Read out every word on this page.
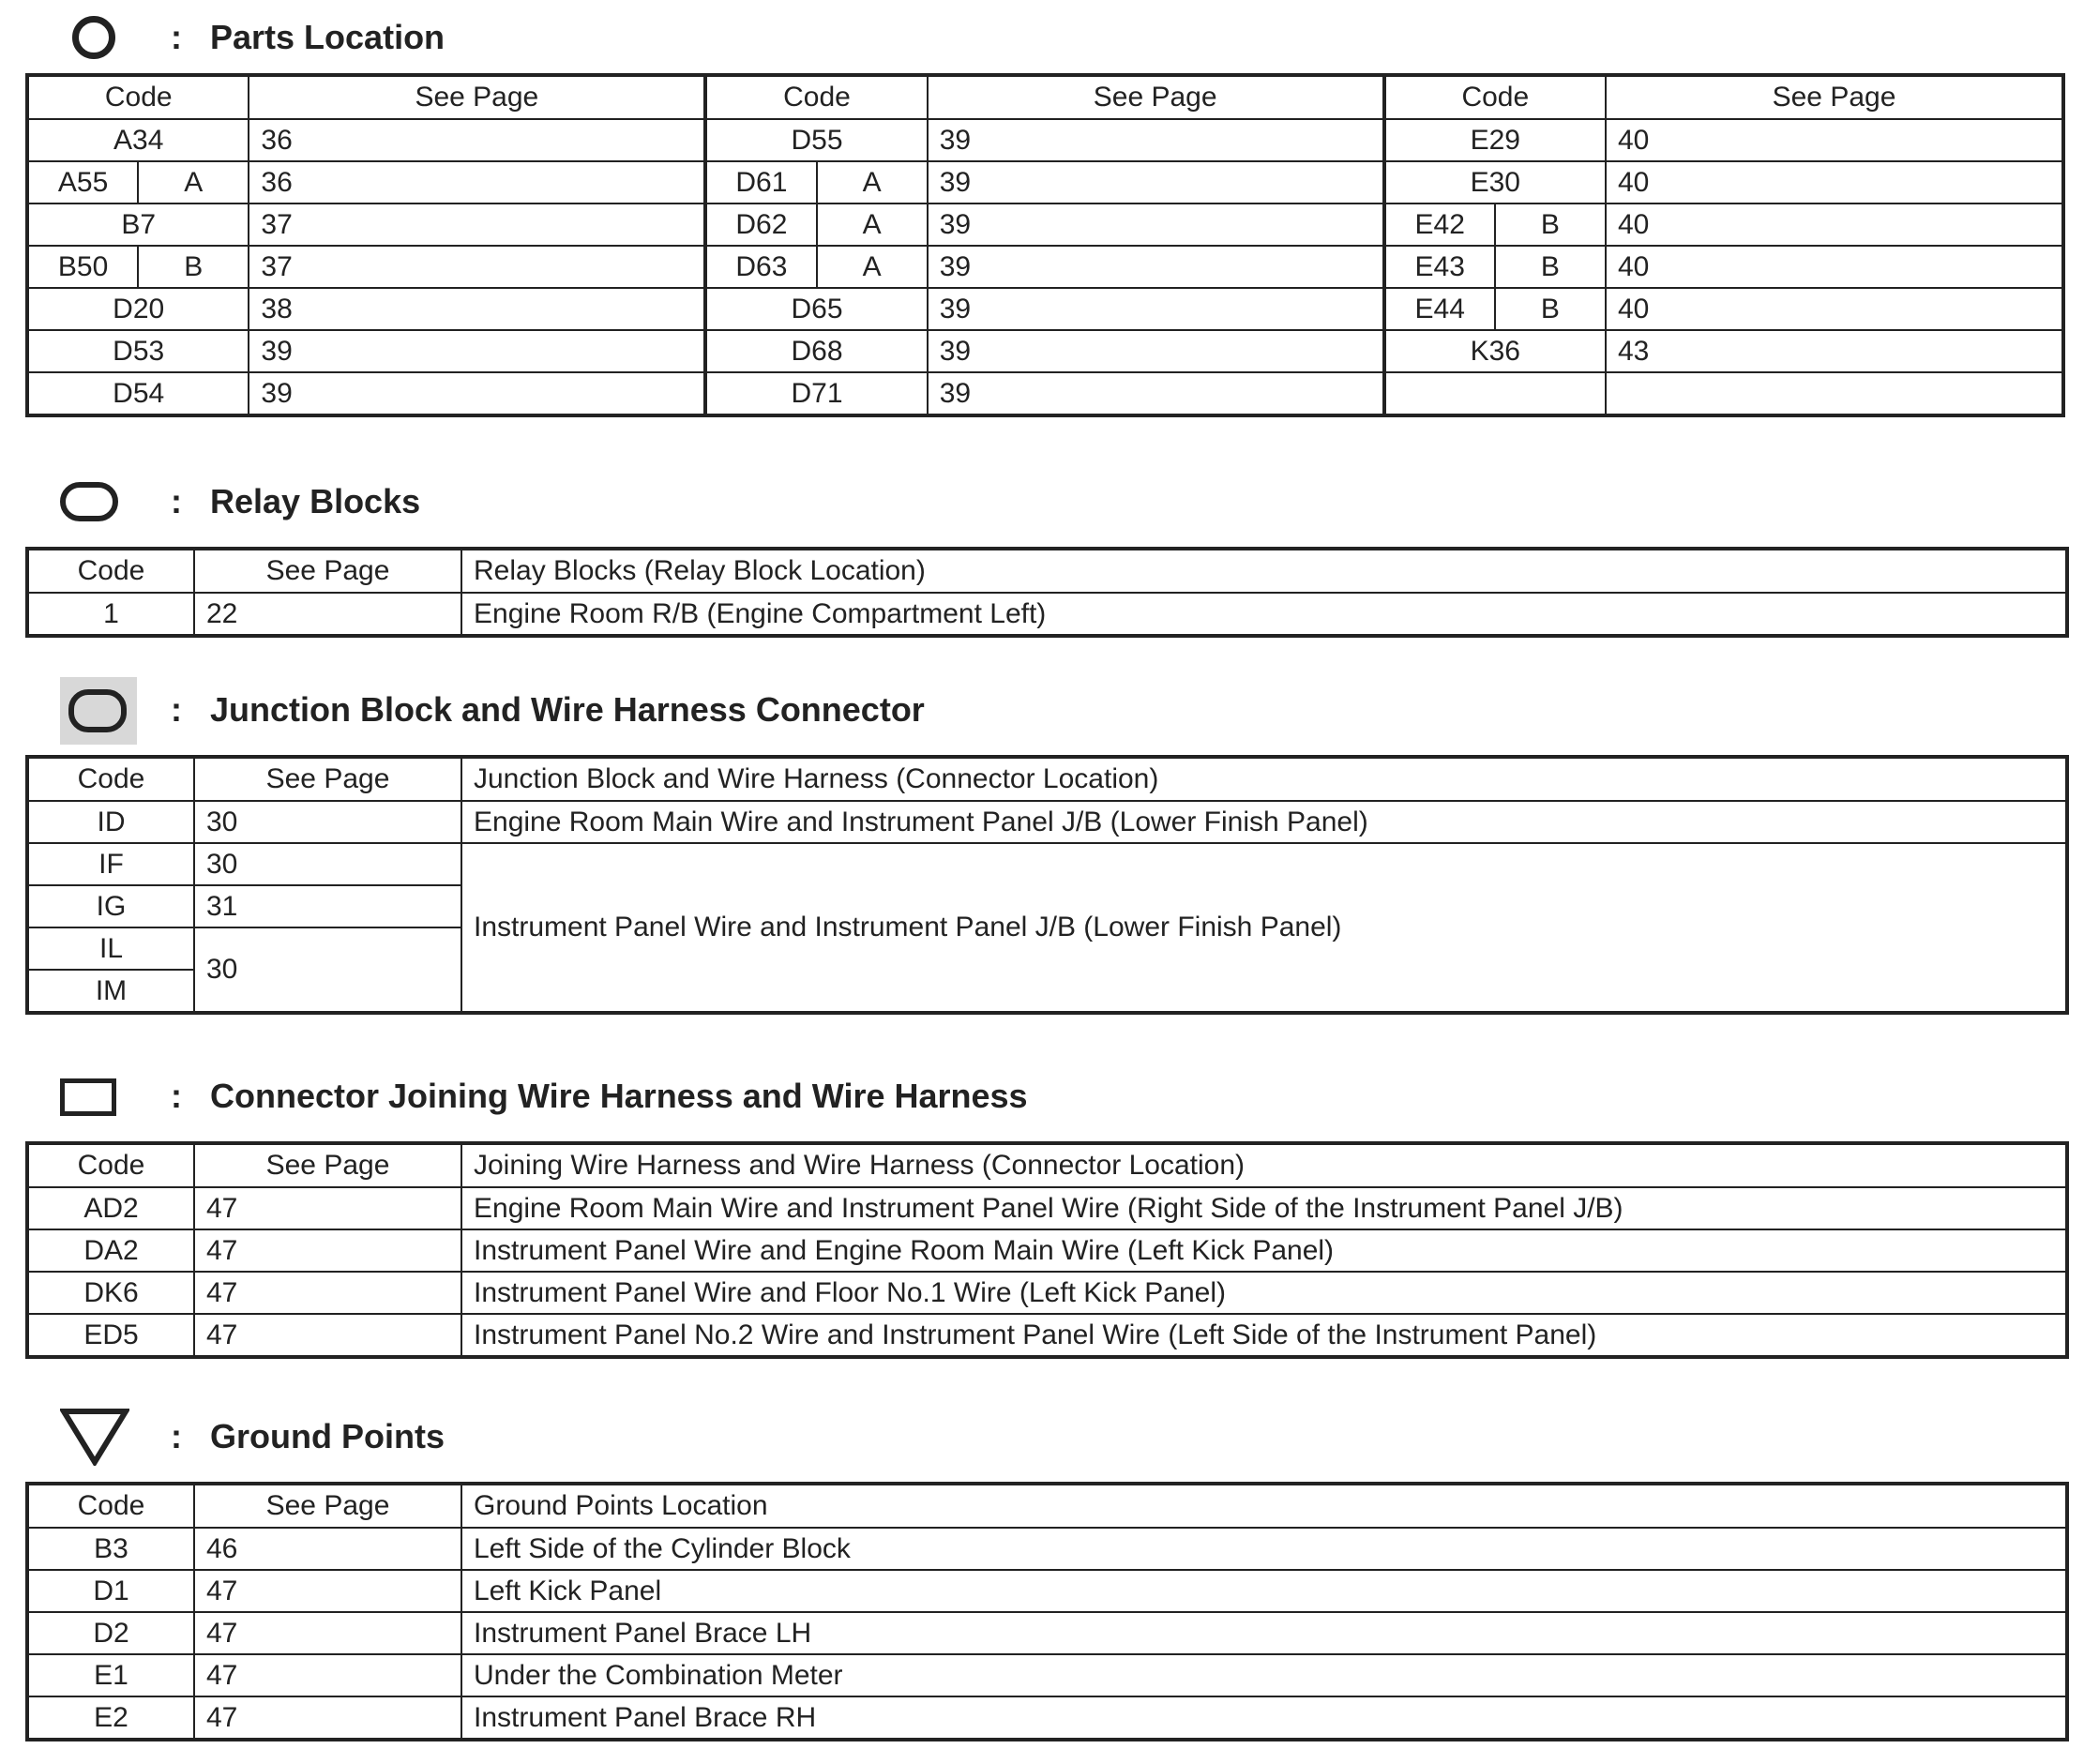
: Parts Location
Code		See Page	Code		See Page	Code		See Page
A34		36	D55		39	E29		40
A55	A	36	D61	A	39	E30		40
B7		37	D62	A	39	E42	B	40
B50	B	37	D63	A	39	E43	B	40
D20		38	D65		39	E44	B	40
D53		39	D68		39	K36		43
D54		39	D71		39			
: Relay Blocks
Code	See Page	Relay Blocks (Relay Block Location)
1	22	Engine Room R/B (Engine Compartment Left)
: Junction Block and Wire Harness Connector
Code	See Page	Junction Block and Wire Harness (Connector Location)
ID	30	Engine Room Main Wire and Instrument Panel J/B (Lower Finish Panel)
IF	30	Instrument Panel Wire and Instrument Panel J/B (Lower Finish Panel)
IG	31	
IL	30	
IM		
: Connector Joining Wire Harness and Wire Harness
Code	See Page	Joining Wire Harness and Wire Harness (Connector Location)
AD2	47	Engine Room Main Wire and Instrument Panel Wire (Right Side of the Instrument Panel J/B)
DA2	47	Instrument Panel Wire and Engine Room Main Wire (Left Kick Panel)
DK6	47	Instrument Panel Wire and Floor No.1 Wire (Left Kick Panel)
ED5	47	Instrument Panel No.2 Wire and Instrument Panel Wire (Left Side of the Instrument Panel)
: Ground Points
Code	See Page	Ground Points Location
B3	46	Left Side of the Cylinder Block
D1	47	Left Kick Panel
D2	47	Instrument Panel Brace LH
E1	47	Under the Combination Meter
E2	47	Instrument Panel Brace RH
